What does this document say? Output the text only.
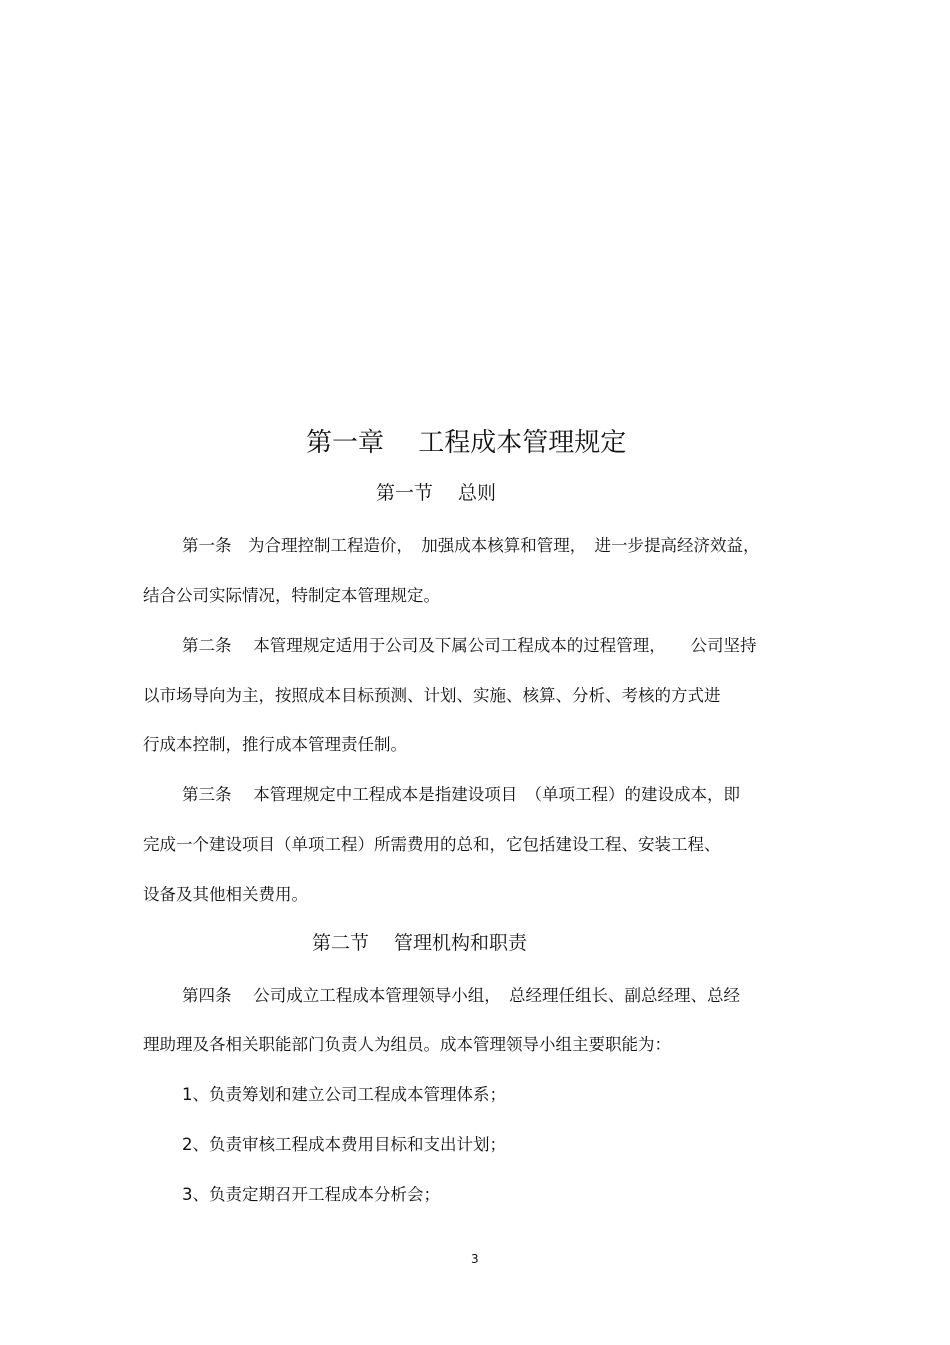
第一章　 工程成本管理规定
第一节　 总则
第一条　为合理控制工程造价，　加强成本核算和管理，　进一步提高经济效益，
结合公司实际情况，特制定本管理规定。
第二条　 本管理规定适用于公司及下属公司工程成本的过程管理，　　公司坚持
以市场导向为主，按照成本目标预测、计划、实施、核算、分析、考核的方式进
行成本控制，推行成本管理责任制。
第三条　 本管理规定中工程成本是指建设项目　（单项工程）的建设成本，即
完成一个建设项目（单项工程）所需费用的总和，它包括建设工程、安装工程、
设备及其他相关费用。
第二节　 管理机构和职责
第四条　 公司成立工程成本管理领导小组，　总经理任组长、副总经理、总经
理助理及各相关职能部门负责人为组员。成本管理领导小组主要职能为：
1、负责筹划和建立公司工程成本管理体系；
2、负责审核工程成本费用目标和支出计划；
3、负责定期召开工程成本分析会；
3
